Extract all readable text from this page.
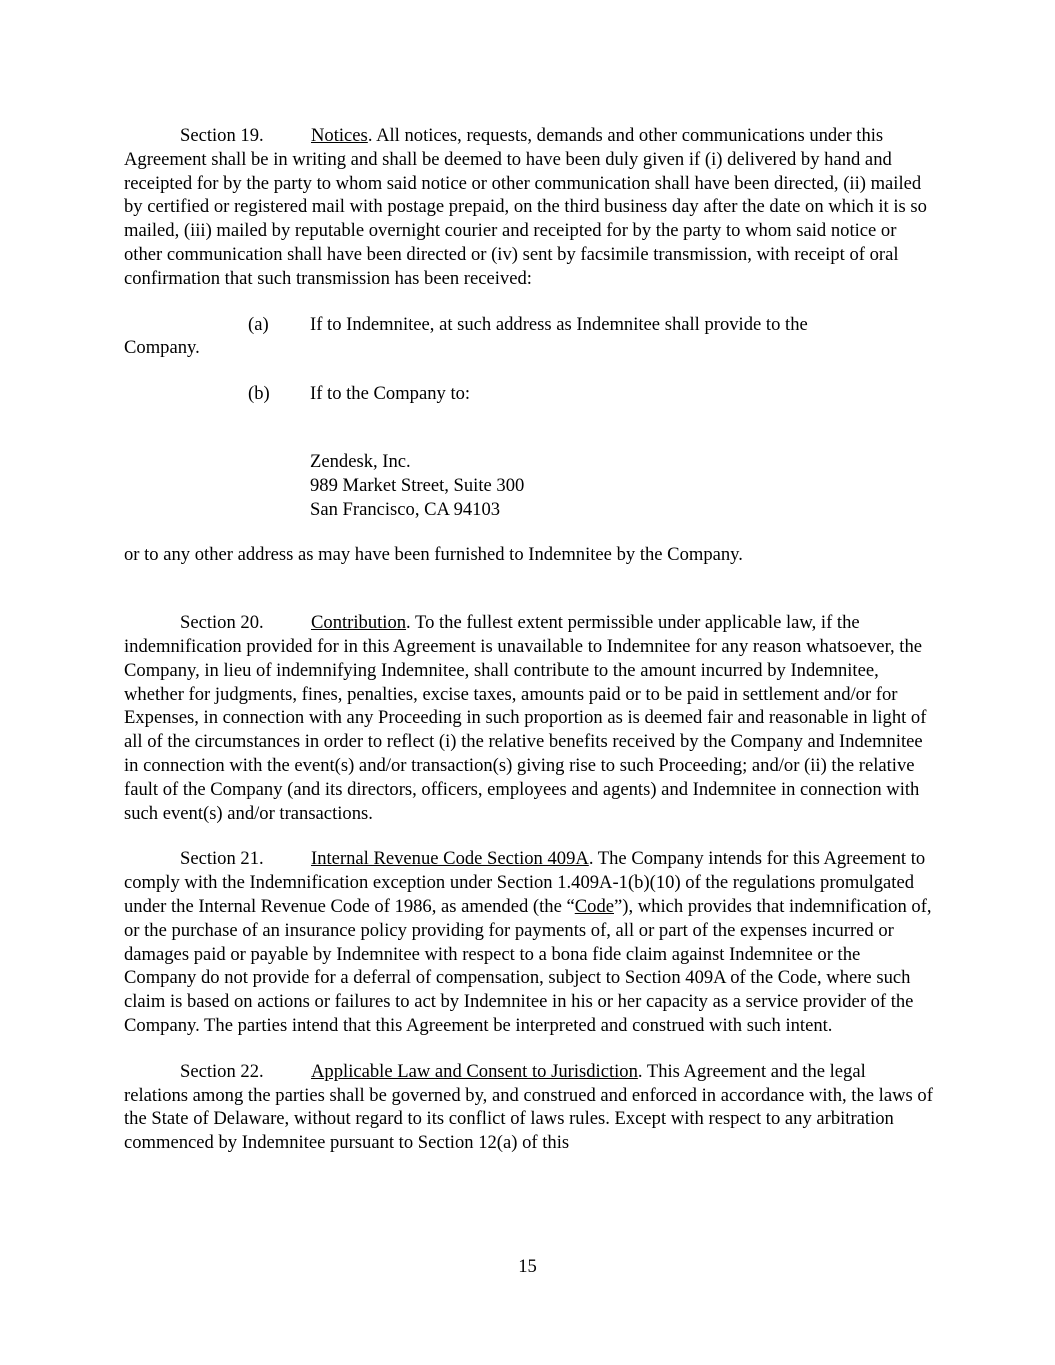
Section 19.	Notices. All notices, requests, demands and other communications under this Agreement shall be in writing and shall be deemed to have been duly given if (i) delivered by hand and receipted for by the party to whom said notice or other communication shall have been directed, (ii) mailed by certified or registered mail with postage prepaid, on the third business day after the date on which it is so mailed, (iii) mailed by reputable overnight courier and receipted for by the party to whom said notice or other communication shall have been directed or (iv) sent by facsimile transmission, with receipt of oral confirmation that such transmission has been received:

(a) If to Indemnitee, at such address as Indemnitee shall provide to the

Company.

(b) If to the Company to:

Zendesk, Inc.

989 Market Street, Suite 300

San Francisco, CA 94103

or to any other address as may have been furnished to Indemnitee by the Company.

Section 20.	Contribution. To the fullest extent permissible under applicable law, if the indemnification provided for in this Agreement is unavailable to Indemnitee for any reason whatsoever, the Company, in lieu of indemnifying Indemnitee, shall contribute to the amount incurred by Indemnitee, whether for judgments, fines, penalties, excise taxes, amounts paid or to be paid in settlement and/or for Expenses, in connection with any Proceeding in such proportion as is deemed fair and reasonable in light of all of the circumstances in order to reflect (i) the relative benefits received by the Company and Indemnitee in connection with the event(s) and/or transaction(s) giving rise to such Proceeding; and/or (ii) the relative fault of the Company (and its directors, officers, employees and agents) and Indemnitee in connection with such event(s) and/or transactions.

Section 21.	Internal Revenue Code Section 409A. The Company intends for this Agreement to comply with the Indemnification exception under Section 1.409A-1(b)(10) of the regulations promulgated under the Internal Revenue Code of 1986, as amended (the “Code”), which provides that indemnification of, or the purchase of an insurance policy providing for payments of, all or part of the expenses incurred or damages paid or payable by Indemnitee with respect to a bona fide claim against Indemnitee or the Company do not provide for a deferral of compensation, subject to Section 409A of the Code, where such claim is based on actions or failures to act by Indemnitee in his or her capacity as a service provider of the Company. The parties intend that this Agreement be interpreted and construed with such intent.

Section 22.	Applicable Law and Consent to Jurisdiction. This Agreement and the legal relations among the parties shall be governed by, and construed and enforced in accordance with, the laws of the State of Delaware, without regard to its conflict of laws rules. Except with respect to any arbitration commenced by Indemnitee pursuant to Section 12(a) of this

15
